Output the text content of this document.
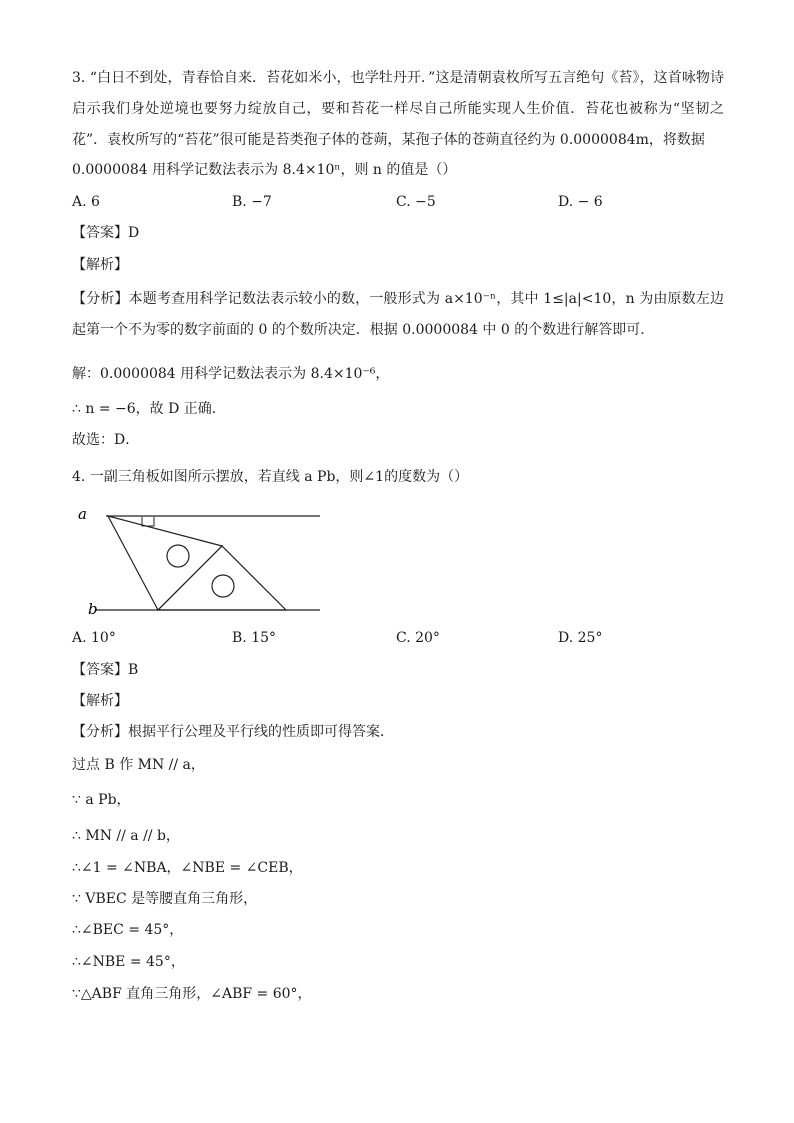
3. “白日不到处，青春恰自来．苔花如米小，也学牡丹开．”这是清朝袁枚所写五言绝句《苔》，这首咏物诗启示我们身处逆境也要努力绽放自己，要和苔花一样尽自己所能实现人生价值．苔花也被称为“坚韧之花”．袁枚所写的“苔花”很可能是苔类孢子体的苍蒴，某孢子体的苍蒴直径约为 0.0000084m，将数据
0.0000084 用科学记数法表示为 8.4×10ⁿ，则 n 的值是（）
A. 6	B. −7	C. −5	D. − 6
【答案】D
【解析】
【分析】本题考查用科学记数法表示较小的数，一般形式为 a×10⁻ⁿ，其中 1≤|a|<10，n 为由原数左边起第一个不为零的数字前面的 0 的个数所决定．根据 0.0000084 中 0 的个数进行解答即可．
解：0.0000084 用科学记数法表示为 8.4×10⁻⁶，
∴ n = −6，故 D 正确．
故选：D．
4. 一副三角板如图所示摆放，若直线 a Pb，则∠1的度数为（）
a
b
A. 10°	B. 15°	C. 20°	D. 25°
【答案】B
【解析】
【分析】根据平行公理及平行线的性质即可得答案．
过点 B 作 MN // a，
∵ a Pb，
∴ MN // a // b，
∴∠1 = ∠NBA，∠NBE = ∠CEB，
∵ VBEC 是等腰直角三角形，
∴∠BEC = 45°，
∴∠NBE = 45°，
∵△ABF 直角三角形，∠ABF = 60°，
